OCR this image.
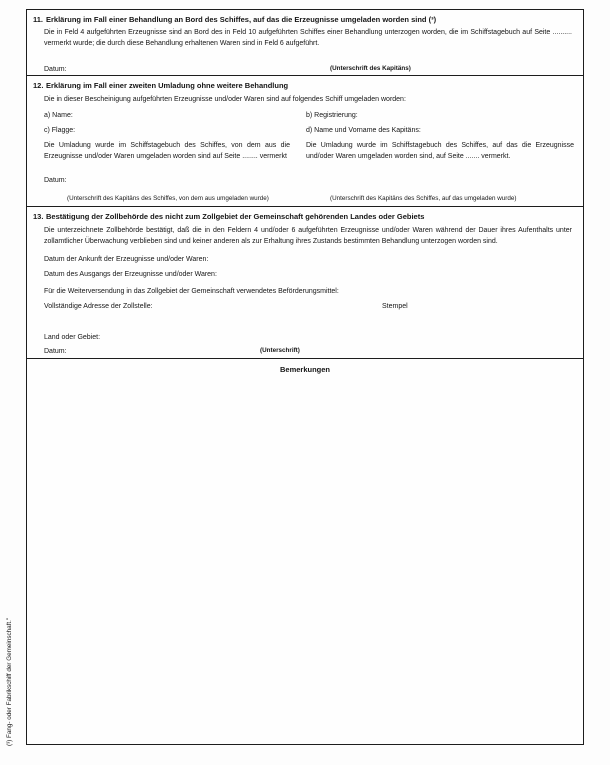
11. Erklärung im Fall einer Behandlung an Bord des Schiffes, auf das die Erzeugnisse umgeladen worden sind (³)
Die in Feld 4 aufgeführten Erzeugnisse sind an Bord des in Feld 10 aufgeführten Schiffes einer Behandlung unterzogen worden, die im Schiffstagebuch auf Seite .......... vermerkt wurde; die durch diese Behandlung erhaltenen Waren sind in Feld 6 aufgeführt.
Datum:	(Unterschrift des Kapitäns)
12. Erklärung im Fall einer zweiten Umladung ohne weitere Behandlung
Die in dieser Bescheinigung aufgeführten Erzeugnisse und/oder Waren sind auf folgendes Schiff umgeladen worden:
a) Name:	b) Registrierung:
c) Flagge:	d) Name und Vorname des Kapitäns:
Die Umladung wurde im Schiffstagebuch des Schiffes, von dem aus die Erzeugnisse und/oder Waren umgeladen worden sind auf Seite ........ vermerkt
Die Umladung wurde im Schiffstagebuch des Schiffes, auf das die Erzeugnisse und/oder Waren umgeladen worden sind, auf Seite ....... vermerkt.
Datum:
(Unterschrift des Kapitäns des Schiffes, von dem aus umgeladen wurde)	(Unterschrift des Kapitäns des Schiffes, auf das umgeladen wurde)
13. Bestätigung der Zollbehörde des nicht zum Zollgebiet der Gemeinschaft gehörenden Landes oder Gebiets
Die unterzeichnete Zollbehörde bestätigt, daß die in den Feldern 4 und/oder 6 aufgeführten Erzeugnisse und/oder Waren während der Dauer ihres Aufenthalts unter zollamtlicher Überwachung verblieben sind und keiner anderen als zur Erhaltung ihres Zustands bestimmten Behandlung unterzogen worden sind.
Datum der Ankunft der Erzeugnisse und/oder Waren:
Datum des Ausgangs der Erzeugnisse und/oder Waren:
Für die Weiterversendung in das Zollgebiet der Gemeinschaft verwendetes Beförderungsmittel:
Vollständige Adresse der Zollstelle:	Stempel
Land oder Gebiet:
Datum:	(Unterschrift)
Bemerkungen
(³) Fang- oder Fabrikschiff der Gemeinschaft."
